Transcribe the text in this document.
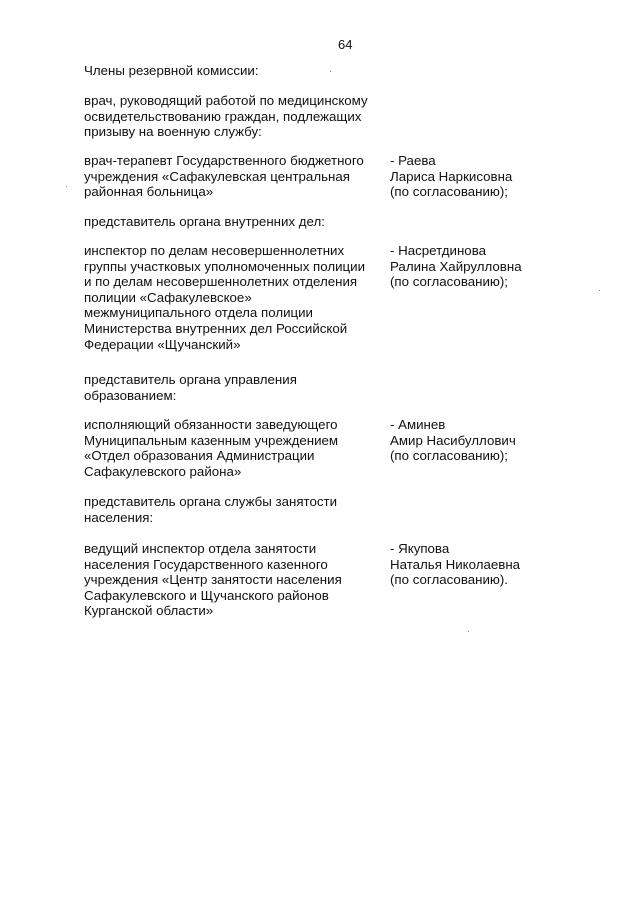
64
Члены резервной комиссии:
врач, руководящий работой по медицинскому
освидетельствованию граждан, подлежащих
призыву на военную службу:
врач-терапевт Государственного бюджетного
учреждения «Сафакулевская центральная
районная больница»
- Раева
Лариса Наркисовна
(по согласованию);
представитель органа внутренних дел:
инспектор по делам несовершеннолетних
группы участковых уполномоченных полиции
и по делам несовершеннолетних отделения
полиции «Сафакулевское»
межмуниципального отдела полиции
Министерства внутренних дел Российской
Федерации «Щучанский»
- Насретдинова
Ралина Хайрулловна
(по согласованию);
представитель органа управления
образованием:
исполняющий обязанности заведующего
Муниципальным казенным учреждением
«Отдел образования Администрации
Сафакулевского района»
- Аминев
Амир Насибуллович
(по согласованию);
представитель органа службы занятости
населения:
ведущий инспектор отдела занятости
населения Государственного казенного
учреждения «Центр занятости населения
Сафакулевского и Щучанского районов
Курганской области»
- Якупова
Наталья Николаевна
(по согласованию).
